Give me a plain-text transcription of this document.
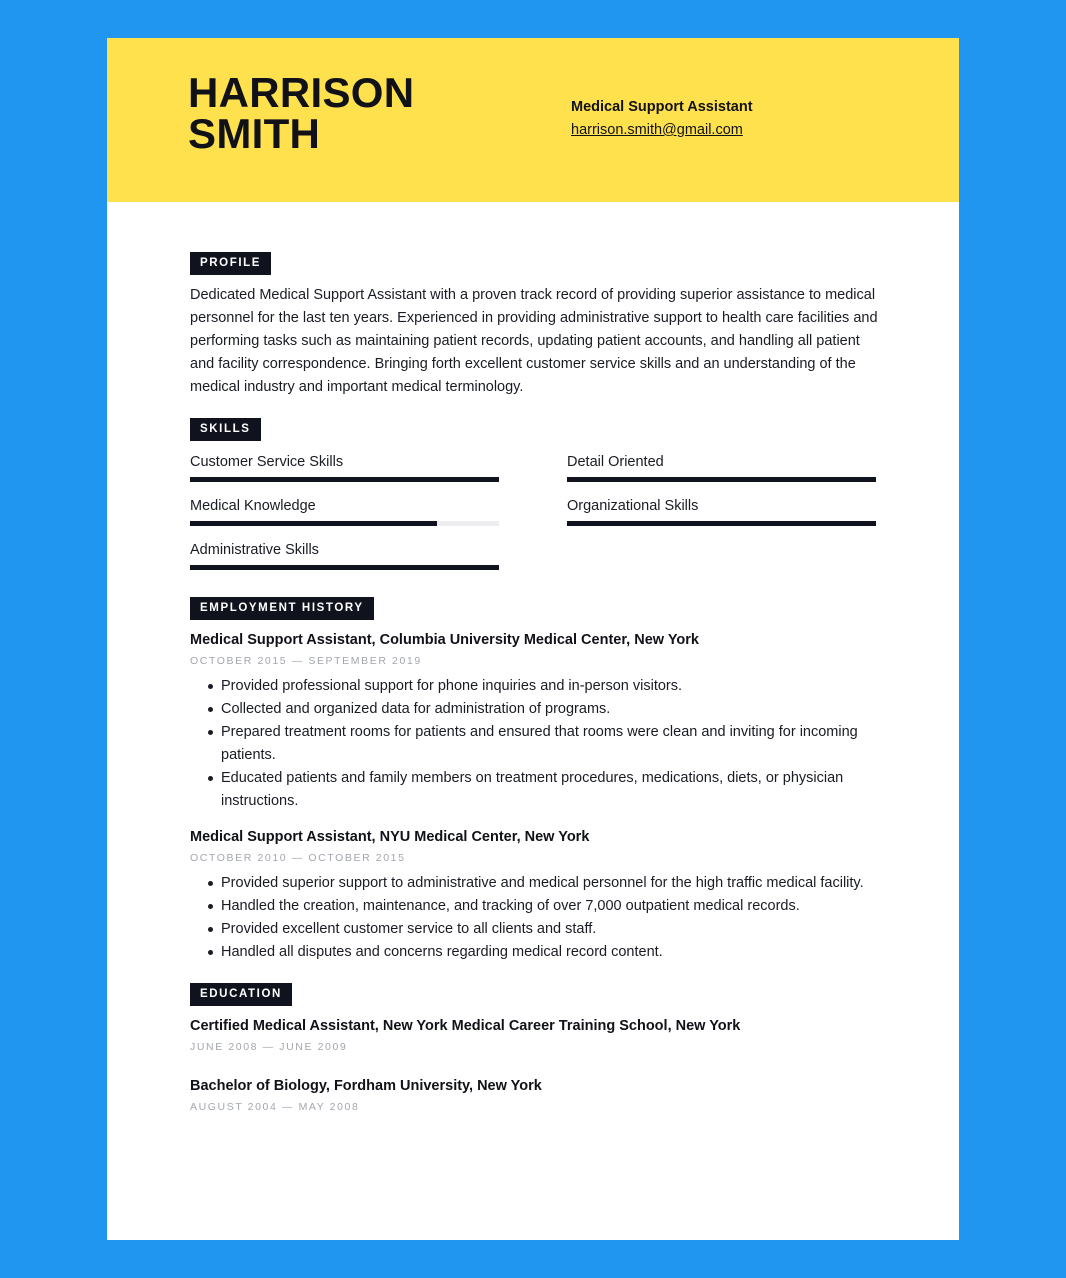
HARRISON
SMITH
Medical Support Assistant
harrison.smith@gmail.com
PROFILE

Dedicated Medical Support Assistant with a proven track record of providing superior assistance to medical personnel for the last ten years. Experienced in providing administrative support to health care facilities and performing tasks such as maintaining patient records, updating patient accounts, and handling all patient and facility correspondence. Bringing forth excellent customer service skills and an understanding of the medical industry and important medical terminology.

SKILLS
Customer Service Skills	Detail Oriented
Medical Knowledge	Organizational Skills
Administrative Skills
EMPLOYMENT HISTORY
Medical Support Assistant, Columbia University Medical Center, New York
OCTOBER 2015 — SEPTEMBER 2019
Provided professional support for phone inquiries and in-person visitors.
Collected and organized data for administration of programs.
Prepared treatment rooms for patients and ensured that rooms were clean and inviting for incoming patients.
Educated patients and family members on treatment procedures, medications, diets, or physician instructions.
Medical Support Assistant, NYU Medical Center, New York
OCTOBER 2010 — OCTOBER 2015
Provided superior support to administrative and medical personnel for the high traffic medical facility.
Handled the creation, maintenance, and tracking of over 7,000 outpatient medical records.
Provided excellent customer service to all clients and staff.
Handled all disputes and concerns regarding medical record content.
EDUCATION
Certified Medical Assistant, New York Medical Career Training School, New York
JUNE 2008 — JUNE 2009
Bachelor of Biology, Fordham University, New York
AUGUST 2004 — MAY 2008
